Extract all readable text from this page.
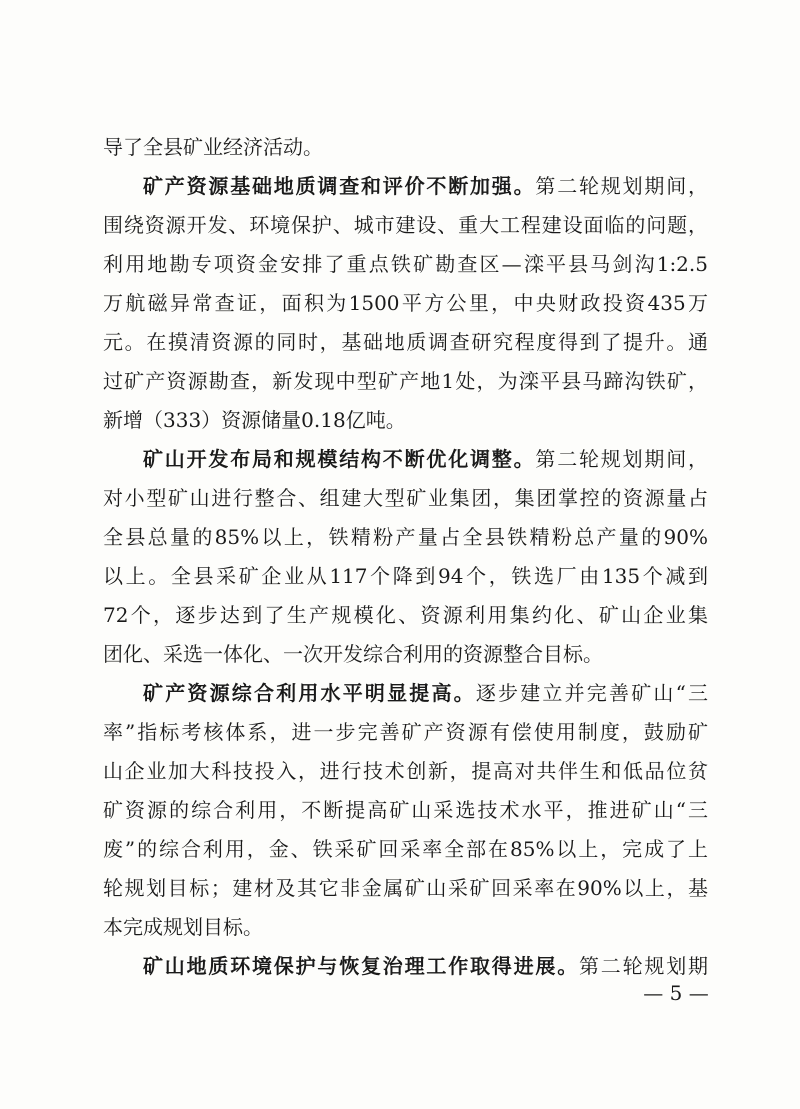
导了全县矿业经济活动。
矿产资源基础地质调查和评价不断加强。第二轮规划期间，
围绕资源开发、环境保护、城市建设、重大工程建设面临的问题，
利用地勘专项资金安排了重点铁矿勘查区—滦平县马剑沟1:2.5
万航磁异常查证，面积为1500平方公里，中央财政投资435万
元。在摸清资源的同时，基础地质调查研究程度得到了提升。通
过矿产资源勘查，新发现中型矿产地1处，为滦平县马蹄沟铁矿，
新增（333）资源储量0.18亿吨。
矿山开发布局和规模结构不断优化调整。第二轮规划期间，
对小型矿山进行整合、组建大型矿业集团，集团掌控的资源量占
全县总量的85%以上，铁精粉产量占全县铁精粉总产量的90%
以上。全县采矿企业从117个降到94个，铁选厂由135个减到
72个，逐步达到了生产规模化、资源利用集约化、矿山企业集
团化、采选一体化、一次开发综合利用的资源整合目标。
矿产资源综合利用水平明显提高。逐步建立并完善矿山“三
率”指标考核体系，进一步完善矿产资源有偿使用制度，鼓励矿
山企业加大科技投入，进行技术创新，提高对共伴生和低品位贫
矿资源的综合利用，不断提高矿山采选技术水平，推进矿山“三
废”的综合利用，金、铁采矿回采率全部在85%以上，完成了上
轮规划目标；建材及其它非金属矿山采矿回采率在90%以上，基
本完成规划目标。
矿山地质环境保护与恢复治理工作取得进展。第二轮规划期
— 5 —
